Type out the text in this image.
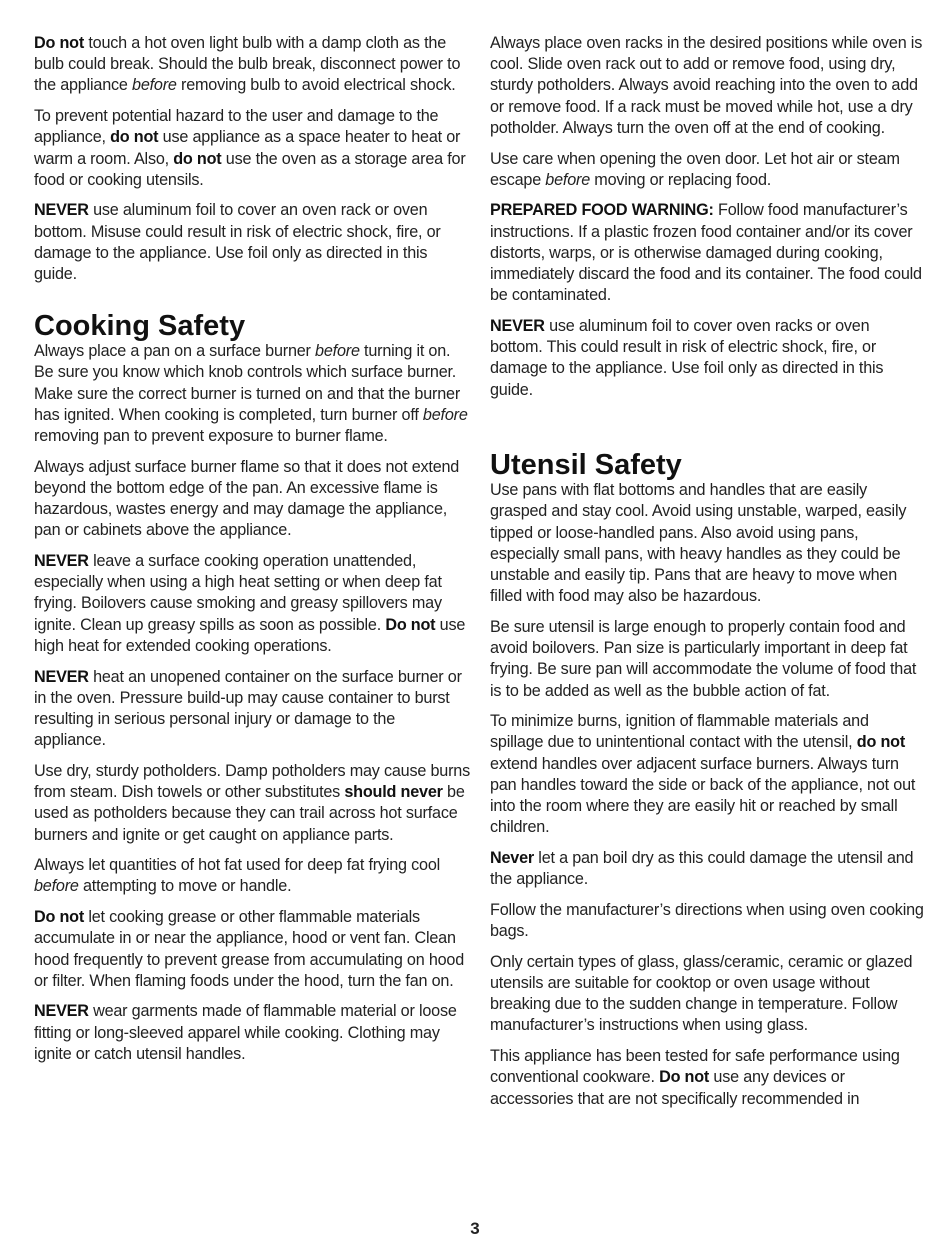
Do not touch a hot oven light bulb with a damp cloth as the bulb could break. Should the bulb break, disconnect power to the appliance before removing bulb to avoid electrical shock.

To prevent potential hazard to the user and damage to the appliance, do not use appliance as a space heater to heat or warm a room. Also, do not use the oven as a storage area for food or cooking utensils.

NEVER use aluminum foil to cover an oven rack or oven bottom. Misuse could result in risk of electric shock, fire, or damage to the appliance. Use foil only as directed in this guide.

Cooking Safety

Always place a pan on a surface burner before turning it on. Be sure you know which knob controls which surface burner. Make sure the correct burner is turned on and that the burner has ignited. When cooking is completed, turn burner off before removing pan to prevent exposure to burner flame.

Always adjust surface burner flame so that it does not extend beyond the bottom edge of the pan. An excessive flame is hazardous, wastes energy and may damage the appliance, pan or cabinets above the appliance.

NEVER leave a surface cooking operation unattended, especially when using a high heat setting or when deep fat frying. Boilovers cause smoking and greasy spillovers may ignite. Clean up greasy spills as soon as possible. Do not use high heat for extended cooking operations.

NEVER heat an unopened container on the surface burner or in the oven. Pressure build-up may cause container to burst resulting in serious personal injury or damage to the appliance.

Use dry, sturdy potholders. Damp potholders may cause burns from steam. Dish towels or other substitutes should never be used as potholders because they can trail across hot surface burners and ignite or get caught on appliance parts.

Always let quantities of hot fat used for deep fat frying cool before attempting to move or handle.

Do not let cooking grease or other flammable materials accumulate in or near the appliance, hood or vent fan. Clean hood frequently to prevent grease from accumulating on hood or filter. When flaming foods under the hood, turn the fan on.

NEVER wear garments made of flammable material or loose fitting or long-sleeved apparel while cooking. Clothing may ignite or catch utensil handles.

Always place oven racks in the desired positions while oven is cool. Slide oven rack out to add or remove food, using dry, sturdy potholders. Always avoid reaching into the oven to add or remove food. If a rack must be moved while hot, use a dry potholder. Always turn the oven off at the end of cooking.

Use care when opening the oven door. Let hot air or steam escape before moving or replacing food.

PREPARED FOOD WARNING: Follow food manufacturer’s instructions. If a plastic frozen food container and/or its cover distorts, warps, or is otherwise damaged during cooking, immediately discard the food and its container. The food could be contaminated.

NEVER use aluminum foil to cover oven racks or oven bottom. This could result in risk of electric shock, fire, or damage to the appliance. Use foil only as directed in this guide.

Utensil Safety

Use pans with flat bottoms and handles that are easily grasped and stay cool. Avoid using unstable, warped, easily tipped or loose-handled pans. Also avoid using pans, especially small pans, with heavy handles as they could be unstable and easily tip. Pans that are heavy to move when filled with food may also be hazardous.

Be sure utensil is large enough to properly contain food and avoid boilovers. Pan size is particularly important in deep fat frying. Be sure pan will accommodate the volume of food that is to be added as well as the bubble action of fat.

To minimize burns, ignition of flammable materials and spillage due to unintentional contact with the utensil, do not extend handles over adjacent surface burners. Always turn pan handles toward the side or back of the appliance, not out into the room where they are easily hit or reached by small children.

Never let a pan boil dry as this could damage the utensil and the appliance.

Follow the manufacturer’s directions when using oven cooking bags.

Only certain types of glass, glass/ceramic, ceramic or glazed utensils are suitable for cooktop or oven usage without breaking due to the sudden change in temperature. Follow manufacturer’s instructions when using glass.

This appliance has been tested for safe performance using conventional cookware. Do not use any devices or accessories that are not specifically recommended in

3
